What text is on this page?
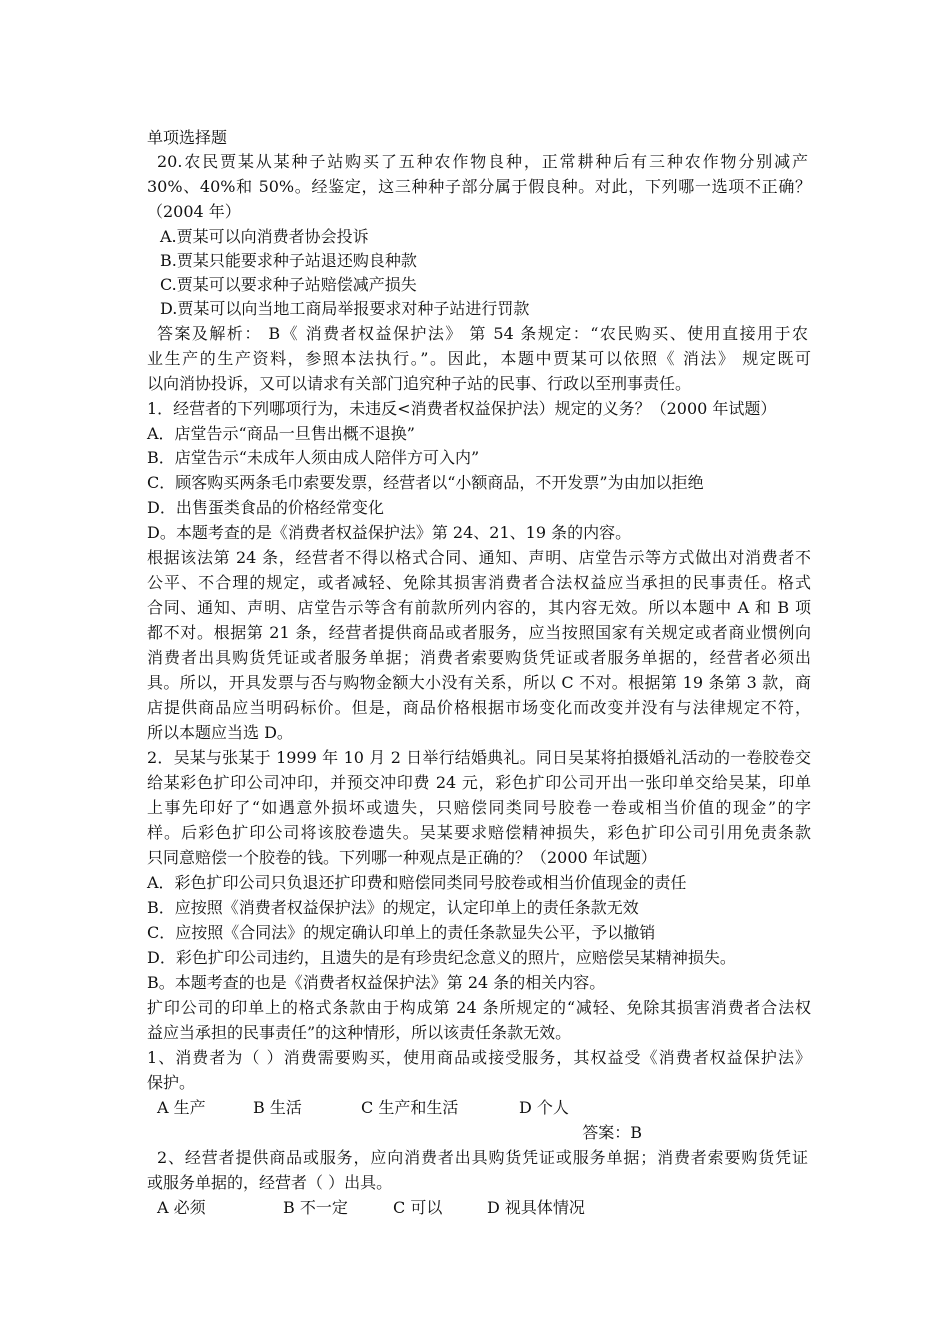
单项选择题
20.农民贾某从某种子站购买了五种农作物良种，正常耕种后有三种农作物分别减产
30%、40%和 50%。经鉴定，这三种种子部分属于假良种。对此，下列哪一选项不正确？
（2004 年）
A.贾某可以向消费者协会投诉
B.贾某只能要求种子站退还购良种款
C.贾某可以要求种子站赔偿减产损失
D.贾某可以向当地工商局举报要求对种子站进行罚款
答案及解析： B《 消费者权益保护法》 第 54 条规定：“农民购买、使用直接用于农
业生产的生产资料，参照本法执行。”。因此，本题中贾某可以依照《 消法》 规定既可
以向消协投诉，又可以请求有关部门追究种子站的民事、行政以至刑事责任。
1．经营者的下列哪项行为，未违反<消费者权益保护法）规定的义务？（2000 年试题）
A．店堂告示“商品一旦售出概不退换”
B．店堂告示“未成年人须由成人陪伴方可入内”
C．顾客购买两条毛巾索要发票，经营者以“小额商品，不开发票”为由加以拒绝
D．出售蛋类食品的价格经常变化
D。本题考查的是《消费者权益保护法》第 24、21、19 条的内容。
根据该法第 24 条，经营者不得以格式合同、通知、声明、店堂告示等方式做出对消费者不
公平、不合理的规定，或者减轻、免除其损害消费者合法权益应当承担的民事责任。格式
合同、通知、声明、店堂告示等含有前款所列内容的，其内容无效。所以本题中 A 和 B 项
都不对。根据第 21 条，经营者提供商品或者服务，应当按照国家有关规定或者商业惯例向
消费者出具购货凭证或者服务单据；消费者索要购货凭证或者服务单据的，经营者必须出
具。所以，开具发票与否与购物金额大小没有关系，所以 C 不对。根据第 19 条第 3 款，商
店提供商品应当明码标价。但是，商品价格根据市场变化而改变并没有与法律规定不符，
所以本题应当选 D。
2．吴某与张某于 1999 年 10 月 2 日举行结婚典礼。同日吴某将拍摄婚礼活动的一卷胶卷交
给某彩色扩印公司冲印，并预交冲印费 24 元，彩色扩印公司开出一张印单交给吴某，印单
上事先印好了“如遇意外损坏或遗失，只赔偿同类同号胶卷一卷或相当价值的现金”的字
样。后彩色扩印公司将该胶卷遗失。吴某要求赔偿精神损失，彩色扩印公司引用免责条款
只同意赔偿一个胶卷的钱。下列哪一种观点是正确的？（2000 年试题）
A．彩色扩印公司只负退还扩印费和赔偿同类同号胶卷或相当价值现金的责任
B．应按照《消费者权益保护法》的规定，认定印单上的责任条款无效
C．应按照《合同法》的规定确认印单上的责任条款显失公平，予以撤销
D．彩色扩印公司违约，且遗失的是有珍贵纪念意义的照片，应赔偿吴某精神损失。
B。本题考查的也是《消费者权益保护法》第 24 条的相关内容。
扩印公司的印单上的格式条款由于构成第 24 条所规定的“减轻、免除其损害消费者合法权
益应当承担的民事责任”的这种情形，所以该责任条款无效。
1、消费者为（ ）消费需要购买，使用商品或接受服务，其权益受《消费者权益保护法》
保护。
A 生产	B 生活	C 生产和生活	D 个人
答案：B
2、经营者提供商品或服务，应向消费者出具购货凭证或服务单据；消费者索要购货凭证
或服务单据的，经营者（ ）出具。
A 必须	B 不一定	C 可以	D 视具体情况
